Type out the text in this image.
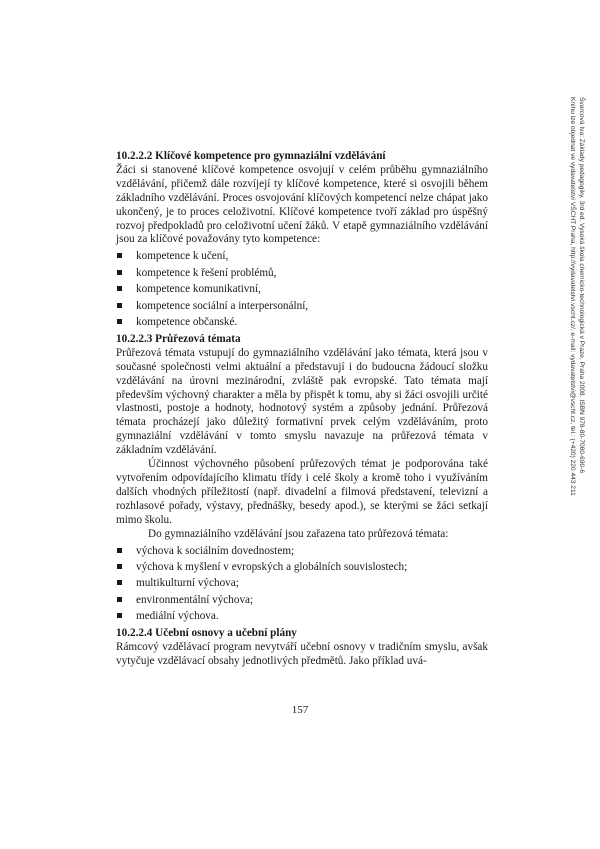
Švarcová Iva: Základy pedagogiky, 3rd ed. Vysoká škola chemicko-technologická v Praze, Praha 2008. ISBN 978-80-7080-690-6
Knihu lze objednat ve vydavatelství VŠCHT Praha, http://vydavatelstvi.vscht.cz/, e-mail: vydavatelstvi@vscht.cz, tel.: (+420) 220 443 211

10.2.2.2 Klíčové kompetence pro gymnaziální vzdělávání

Žáci si stanovené klíčové kompetence osvojují v celém průběhu gymnaziálního vzdělávání, přičemž dále rozvíjejí ty klíčové kompetence, které si osvojili během základního vzdělávání. Proces osvojování klíčových kompetencí nelze chápat jako ukončený, je to proces celoživotní. Klíčové kompetence tvoří základ pro úspěšný rozvoj předpokladů pro celoživotní učení žáků. V etapě gymnaziálního vzdělávání jsou za klíčové považovány tyto kompetence:

kompetence k učení,
kompetence k řešení problémů,
kompetence komunikativní,
kompetence sociální a interpersonální,
kompetence občanské.

10.2.2.3 Průřezová témata

Průřezová témata vstupují do gymnaziálního vzdělávání jako témata, která jsou v současné společnosti velmi aktuální a představují i do budoucna žádoucí složku vzdělávání na úrovni mezinárodní, zvláště pak evropské. Tato témata mají především výchovný charakter a měla by přispět k tomu, aby si žáci osvojili určité vlastnosti, postoje a hodnoty, hodnotový systém a způsoby jednání. Průřezová témata procházejí jako důležitý formativní prvek celým vzděláváním, proto gymnaziální vzdělávání v tomto smyslu navazuje na průřezová témata v základním vzdělávání.

Účinnost výchovného působení průřezových témat je podporována také vytvořením odpovídajícího klimatu třídy i celé školy a kromě toho i využíváním dalších vhodných příležitostí (např. divadelní a filmová představení, televizní a rozhlasové pořady, výstavy, přednášky, besedy apod.), se kterými se žáci setkají mimo školu.

Do gymnaziálního vzdělávání jsou zařazena tato průřezová témata:

výchova k sociálním dovednostem;
výchova k myšlení v evropských a globálních souvislostech;
multikulturní výchova;
environmentální výchova;
mediální výchova.

10.2.2.4 Učební osnovy a učební plány

Rámcový vzdělávací program nevytváří učební osnovy v tradičním smyslu, avšak vytyčuje vzdělávací obsahy jednotlivých předmětů. Jako příklad uvá-

157
